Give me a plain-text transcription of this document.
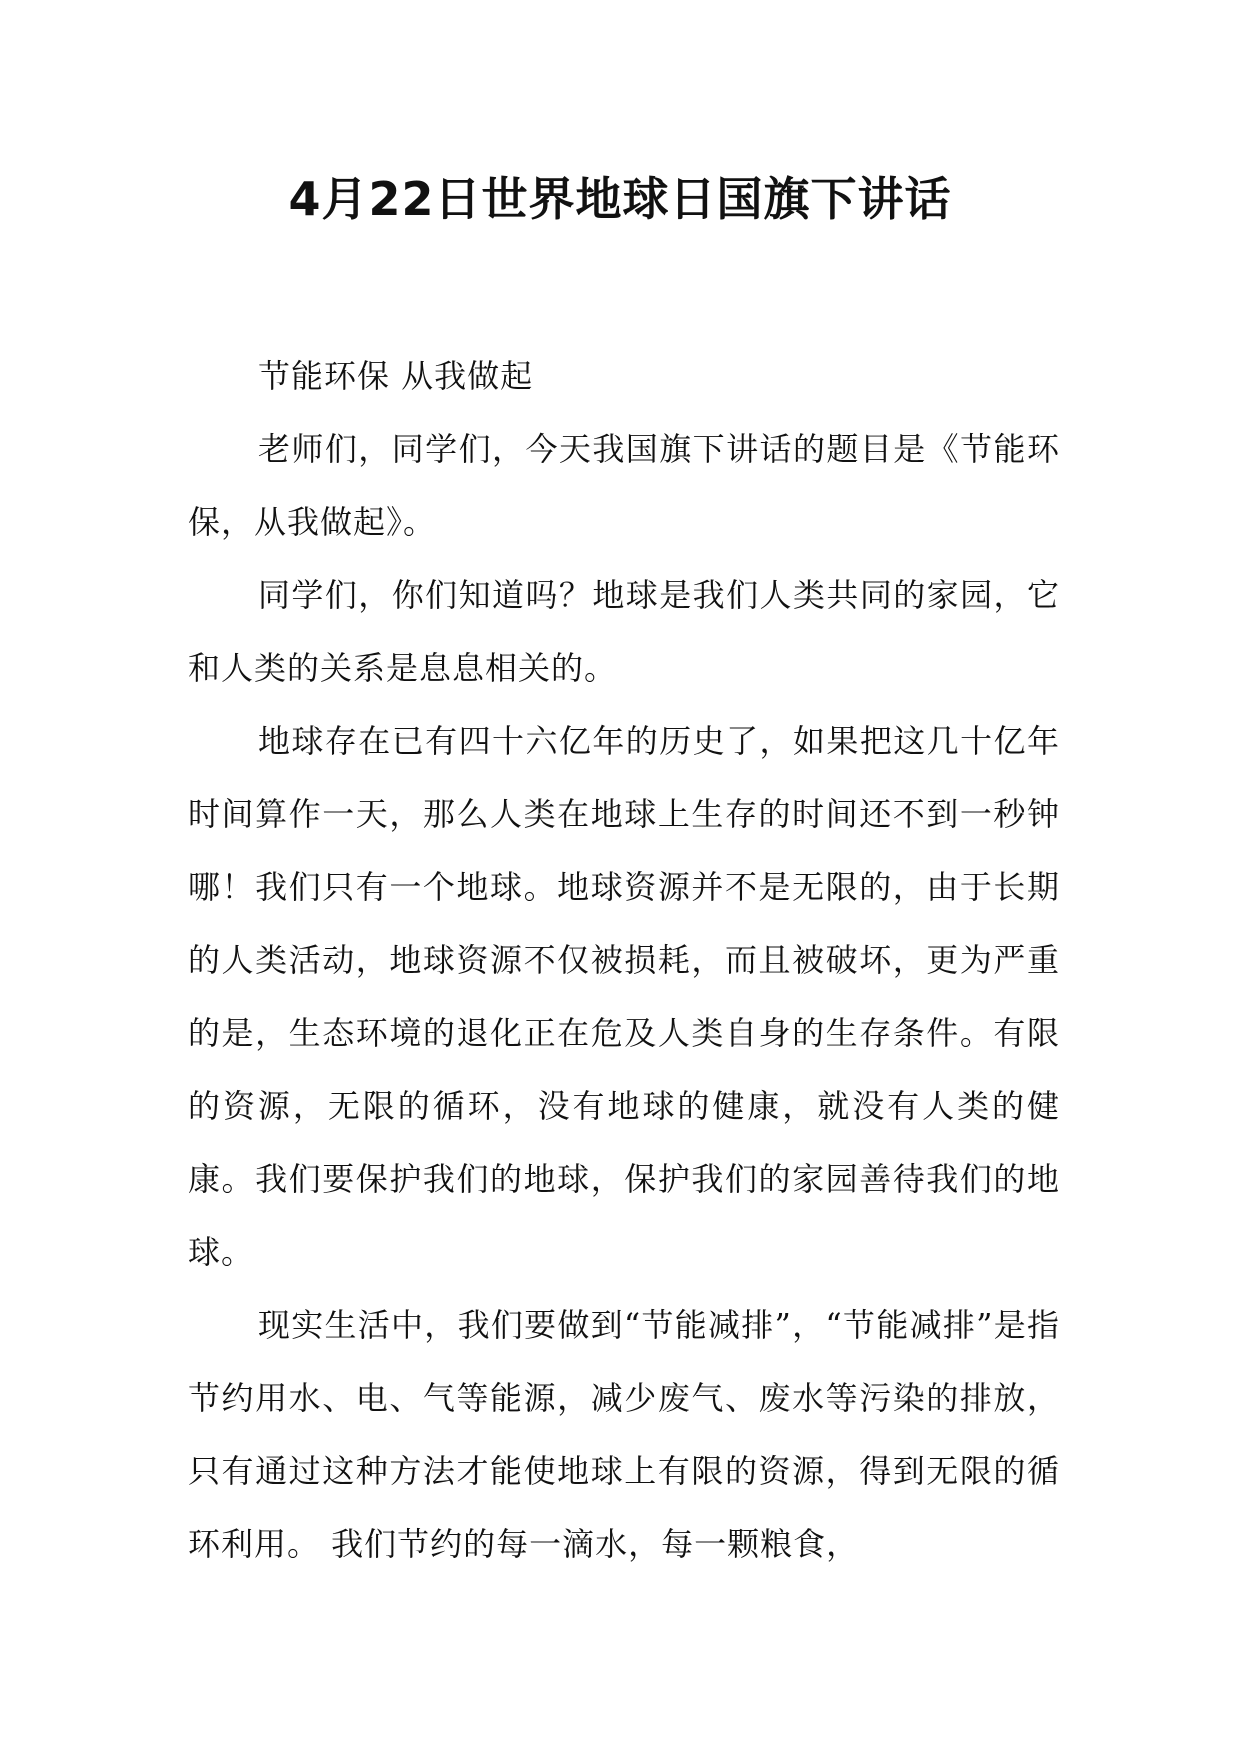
4月22日世界地球日国旗下讲话

节能环保 从我做起

老师们，同学们，今天我国旗下讲话的题目是《节能环保，从我做起》。

同学们，你们知道吗？地球是我们人类共同的家园，它和人类的关系是息息相关的。

地球存在已有四十六亿年的历史了，如果把这几十亿年时间算作一天，那么人类在地球上生存的时间还不到一秒钟哪！我们只有一个地球。地球资源并不是无限的，由于长期的人类活动，地球资源不仅被损耗，而且被破坏，更为严重的是，生态环境的退化正在危及人类自身的生存条件。有限的资源，无限的循环，没有地球的健康，就没有人类的健康。我们要保护我们的地球，保护我们的家园善待我们的地球。

现实生活中，我们要做到“节能减排”，“节能减排”是指节约用水、电、气等能源，减少废气、废水等污染的排放，只有通过这种方法才能使地球上有限的资源，得到无限的循环利用。 我们节约的每一滴水，每一颗粮食，
